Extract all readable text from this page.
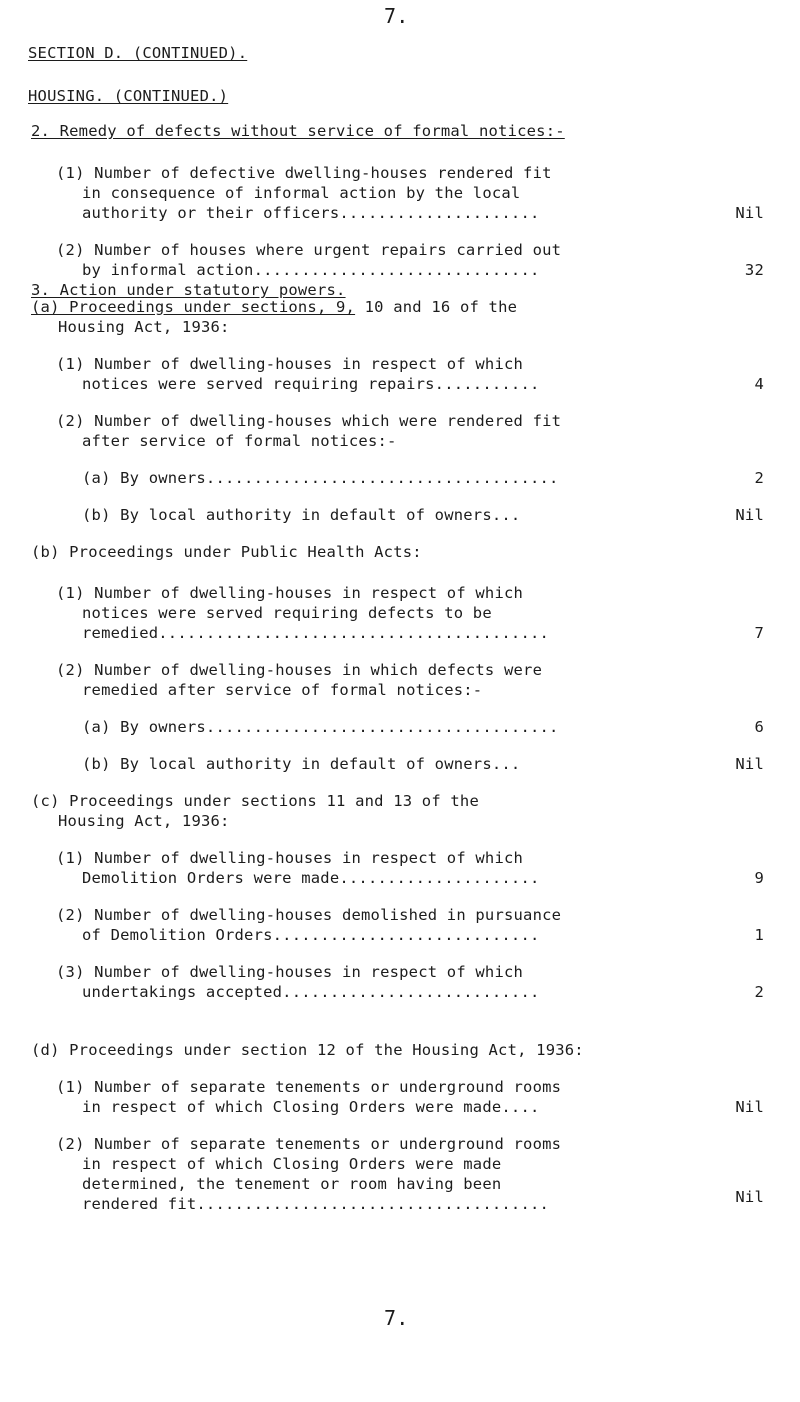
7.
SECTION D. (CONTINUED).
HOUSING. (CONTINUED.)
2. Remedy of defects without service of formal notices:-
(1) Number of defective dwelling-houses rendered fit
in consequence of informal action by the local
authority or their officers.....................	Nil
(2) Number of houses where urgent repairs carried out
by informal action..............................	32
3. Action under statutory powers.
(a) Proceedings under sections, 9, 10 and 16 of the
Housing Act, 1936:
(1) Number of dwelling-houses in respect of which
notices were served requiring repairs...........	4
(2) Number of dwelling-houses which were rendered fit
after service of formal notices:-
(a) By owners.....................................	2
(b) By local authority in default of owners...	Nil
(b) Proceedings under Public Health Acts:
(1) Number of dwelling-houses in respect of which
notices were served requiring defects to be
remedied.........................................	7
(2) Number of dwelling-houses in which defects were
remedied after service of formal notices:-
(a) By owners.....................................	6
(b) By local authority in default of owners...	Nil
(c) Proceedings under sections 11 and 13 of the
Housing Act, 1936:
(1) Number of dwelling-houses in respect of which
Demolition Orders were made.....................	9
(2) Number of dwelling-houses demolished in pursuance
of Demolition Orders............................	1
(3) Number of dwelling-houses in respect of which
undertakings accepted...........................	2
(d) Proceedings under section 12 of the Housing Act, 1936:
(1) Number of separate tenements or underground rooms
in respect of which Closing Orders were made....	Nil
(2) Number of separate tenements or underground rooms
in respect of which Closing Orders were made
determined, the tenement or room having been
rendered fit.....................................	Nil
7.
